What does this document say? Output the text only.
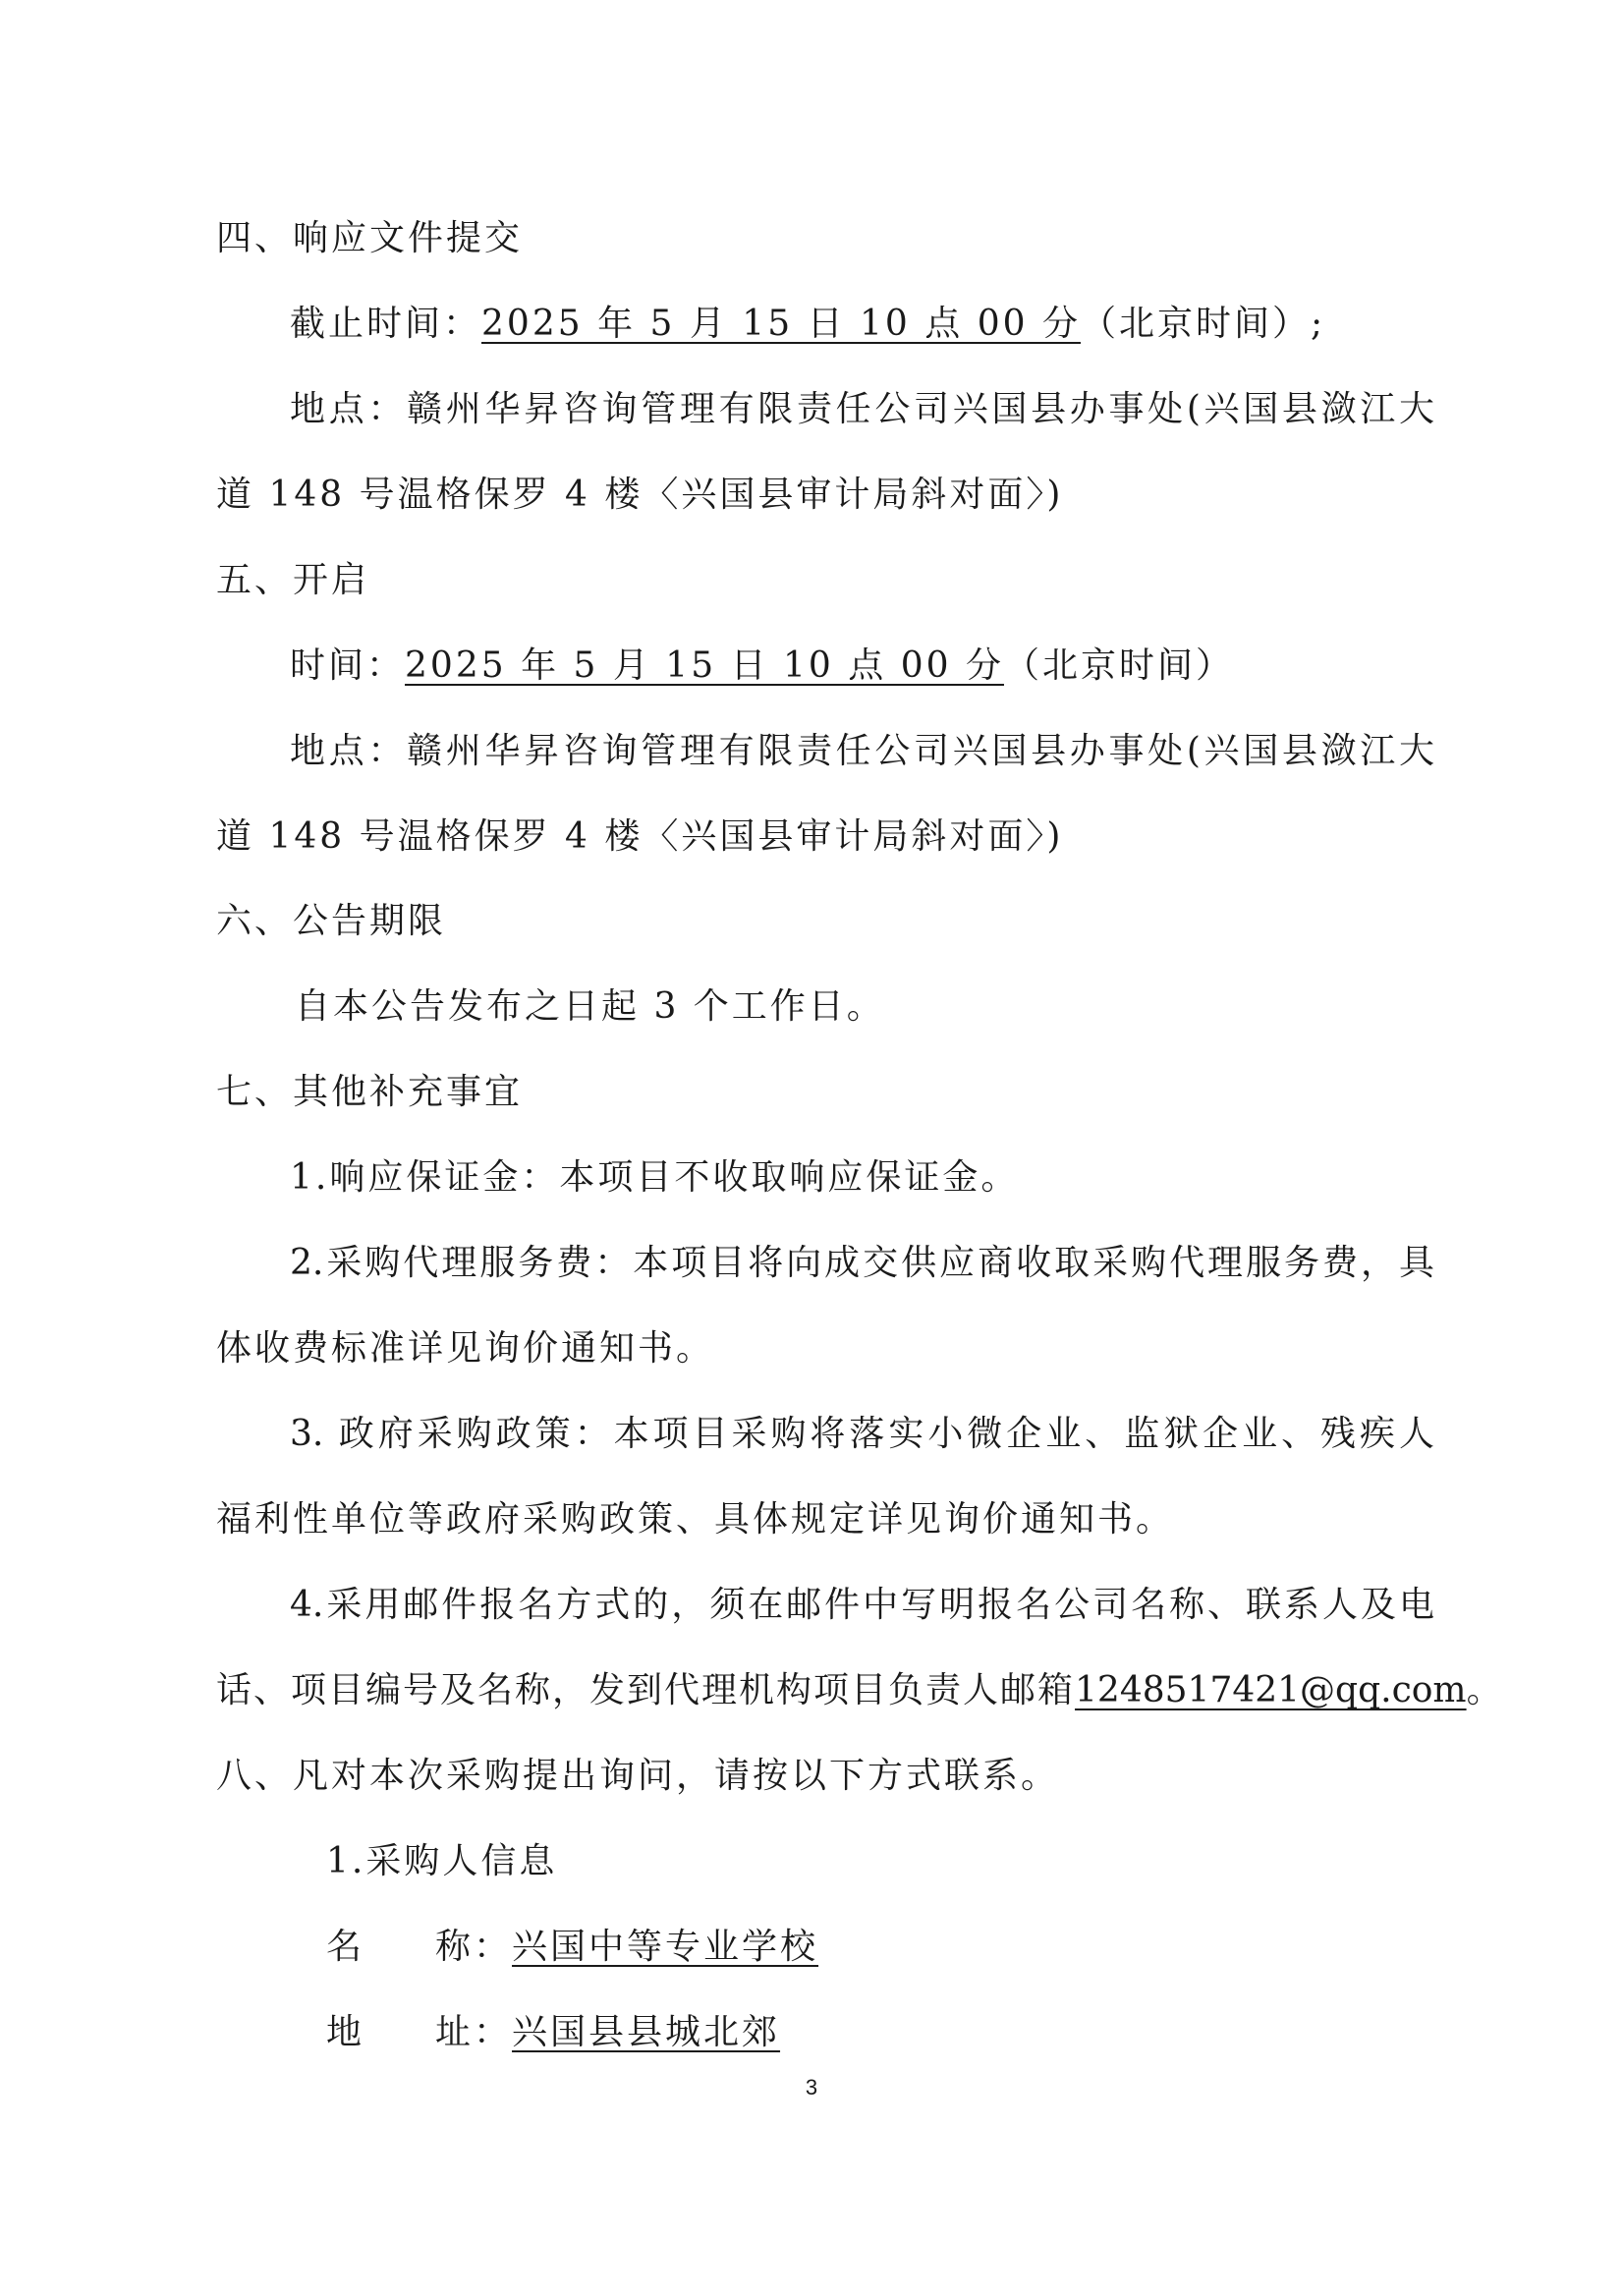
四、响应文件提交
截止时间：2025 年 5 月 15 日 10 点 00 分（北京时间）;
地点：赣州华昇咨询管理有限责任公司兴国县办事处(兴国县潋江大
道 148 号温格保罗 4 楼〈兴国县审计局斜对面〉)
五、开启
时间：2025 年 5 月 15 日 10 点 00 分（北京时间）
地点：赣州华昇咨询管理有限责任公司兴国县办事处(兴国县潋江大
道 148 号温格保罗 4 楼〈兴国县审计局斜对面〉)
六、公告期限
自本公告发布之日起 3 个工作日。
七、其他补充事宜
1.响应保证金：本项目不收取响应保证金。
2.采购代理服务费：本项目将向成交供应商收取采购代理服务费，具
体收费标准详见询价通知书。
3. 政府采购政策：本项目采购将落实小微企业、监狱企业、残疾人
福利性单位等政府采购政策、具体规定详见询价通知书。
4.采用邮件报名方式的，须在邮件中写明报名公司名称、联系人及电
话、项目编号及名称，发到代理机构项目负责人邮箱1248517421@qq.com。
八、凡对本次采购提出询问，请按以下方式联系。
1.采购人信息
名 称：兴国中等专业学校
地 址：兴国县县城北郊
3
